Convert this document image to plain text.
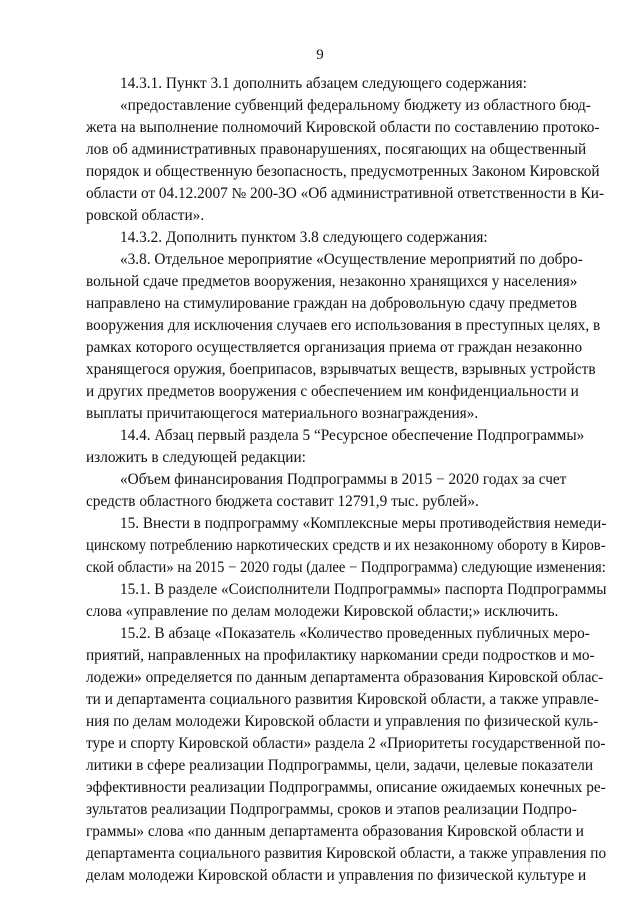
9
14.3.1. Пункт 3.1 дополнить абзацем следующего содержания:
«предоставление субвенций федеральному бюджету из областного бюд-
жета на выполнение полномочий Кировской области по составлению протоко-
лов об административных правонарушениях, посягающих на общественный
порядок и общественную безопасность, предусмотренных Законом Кировской
области от 04.12.2007 № 200-ЗО «Об административной ответственности в Ки-
ровской области».
14.3.2. Дополнить пунктом 3.8 следующего содержания:
«3.8. Отдельное мероприятие «Осуществление мероприятий по добро-
вольной сдаче предметов вооружения, незаконно хранящихся у населения»
направлено на стимулирование граждан на добровольную сдачу предметов
вооружения для исключения случаев его использования в преступных целях, в
рамках которого осуществляется организация приема от граждан незаконно
хранящегося оружия, боеприпасов, взрывчатых веществ, взрывных устройств
и других предметов вооружения с обеспечением им конфиденциальности и
выплаты причитающегося материального вознаграждения».
14.4. Абзац первый раздела 5 “Ресурсное обеспечение Подпрограммы»
изложить в следующей редакции:
«Объем финансирования Подпрограммы в 2015 − 2020 годах за счет
средств областного бюджета составит 12791,9 тыс. рублей».
15. Внести в подпрограмму «Комплексные меры противодействия немеди-
цинскому потреблению наркотических средств и их незаконному обороту в Киров-
ской области» на 2015 − 2020 годы (далее − Подпрограмма) следующие изменения:
15.1. В разделе «Соисполнители Подпрограммы» паспорта Подпрограммы
слова «управление по делам молодежи Кировской области;» исключить.
15.2. В абзаце «Показатель «Количество проведенных публичных меро-
приятий, направленных на профилактику наркомании среди подростков и мо-
лодежи» определяется по данным департамента образования Кировской облас-
ти и департамента социального развития Кировской области, а также управле-
ния по делам молодежи Кировской области и управления по физической куль-
туре и спорту Кировской области» раздела 2 «Приоритеты государственной по-
литики в сфере реализации Подпрограммы, цели, задачи, целевые показатели
эффективности реализации Подпрограммы, описание ожидаемых конечных ре-
зультатов реализации Подпрограммы, сроков и этапов реализации Подпро-
граммы» слова «по данным департамента образования Кировской области и
департамента социального развития Кировской области, а также управления по
делам молодежи Кировской области и управления по физической культуре и
